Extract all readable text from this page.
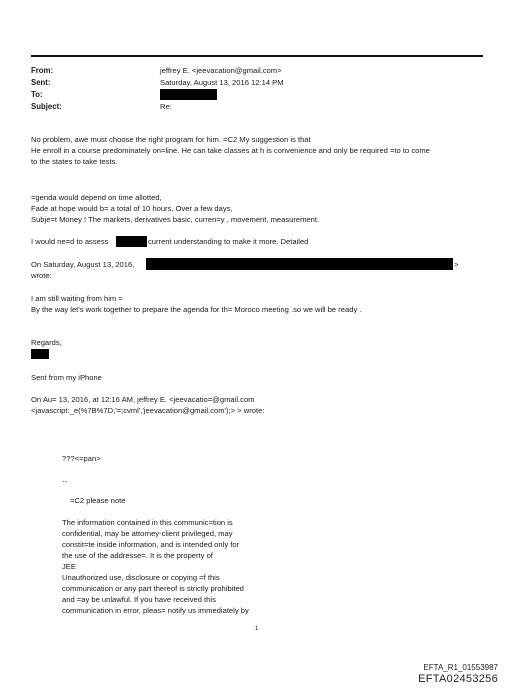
From:
Sent:
To:
Subject:
jeffrey E. <jeevacation@gmail.com>
Saturday, August 13, 2016 12:14 PM
Re:
No problem, awe must choose the right program for him. =C2 My suggestion is that
He enroll in a course predominately on=line. He can take classes at h is convenience and only be required =to to come
to the states to take tests.
=genda would depend on time allotted,
Fade at hope would b= a total of 10 hours, Over a few days,
Subje=t Money ! The markets, derivatives basic, curren=y , movement, measurement.
I would ne=d to assess	current understanding to make it more. Detailed
On Saturday, August 13, 2016,	>
wrote:
I am still waiting from him =
By the way let's work together to prepare the agenda for th= Moroco meeting .so we will be ready .
Regards,
Sent from my iPhone
On Au= 13, 2016, at 12:16 AM, jeffrey E. <jeevacatio=@gmail.com
<javascript:_e(%7B%7D,'=;cvml','jeevacation@gmail.com');> > wrote:
???<=pan>
--
=C2 please note
The information contained in this communic=tion is
confidential, may be attorney-client privileged, may
constit=te inside information, and is intended only for
the use of the addresse=. It is the property of
JEE
Unauthorized use, disclosure or copying =f this
communication or any part thereof is strictly prohibited
and =ay be unlawful. If you have received this
communication in error, pleas= notify us immediately by
1
EFTA_R1_01553987
EFTA02453256
